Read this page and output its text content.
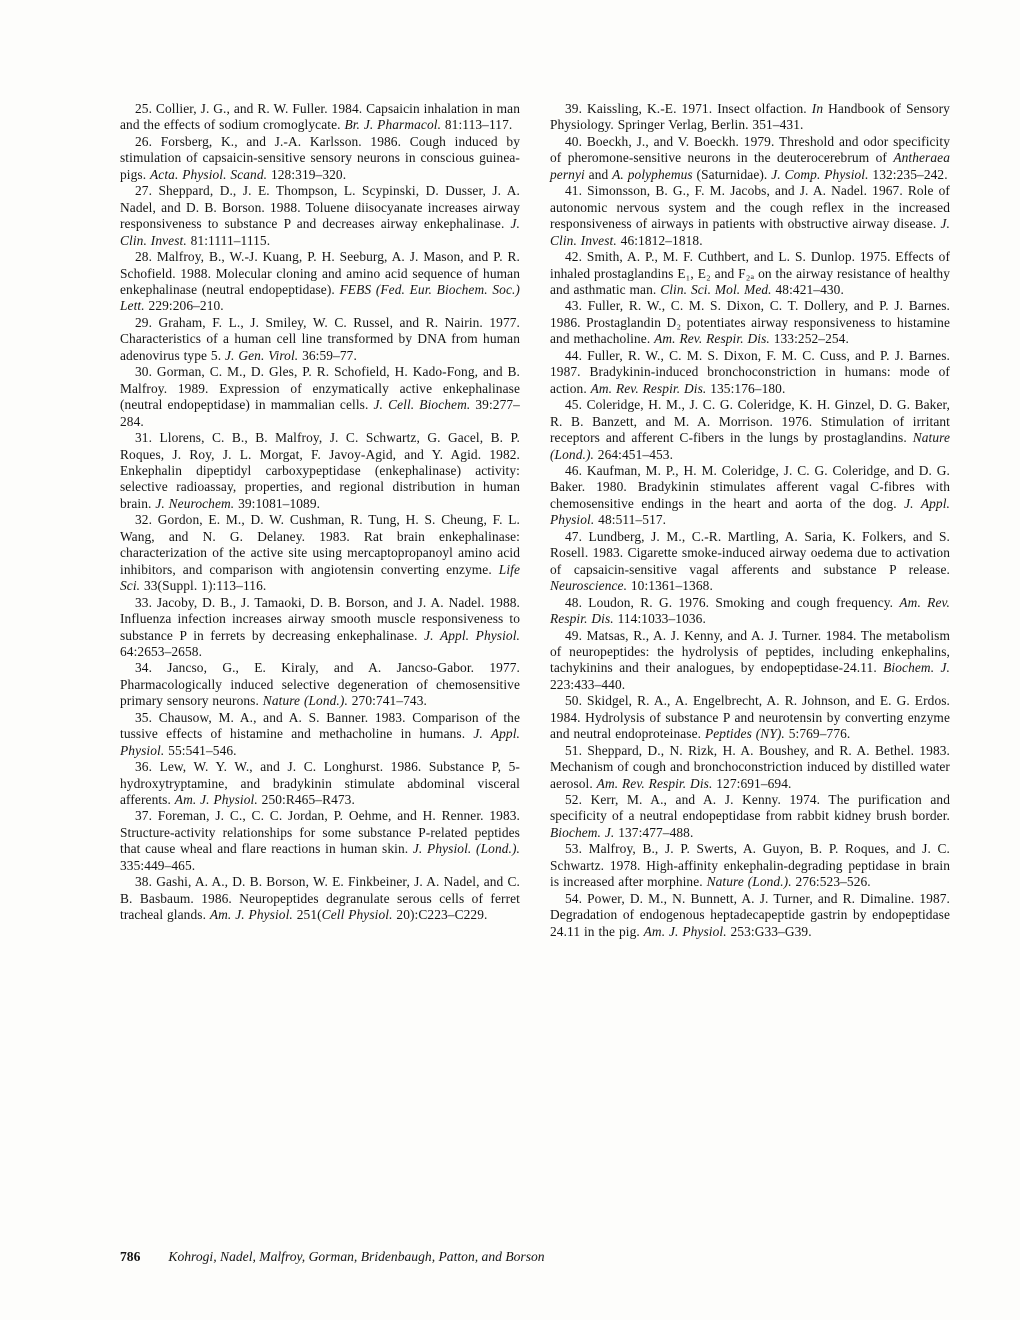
25. Collier, J. G., and R. W. Fuller. 1984. Capsaicin inhalation in man and the effects of sodium cromoglycate. Br. J. Pharmacol. 81:113–117.

26. Forsberg, K., and J.-A. Karlsson. 1986. Cough induced by stimulation of capsaicin-sensitive sensory neurons in conscious guinea-pigs. Acta. Physiol. Scand. 128:319–320.

27. Sheppard, D., J. E. Thompson, L. Scypinski, D. Dusser, J. A. Nadel, and D. B. Borson. 1988. Toluene diisocyanate increases airway responsiveness to substance P and decreases airway enkephalinase. J. Clin. Invest. 81:1111–1115.

28. Malfroy, B., W.-J. Kuang, P. H. Seeburg, A. J. Mason, and P. R. Schofield. 1988. Molecular cloning and amino acid sequence of human enkephalinase (neutral endopeptidase). FEBS (Fed. Eur. Biochem. Soc.) Lett. 229:206–210.

29. Graham, F. L., J. Smiley, W. C. Russel, and R. Nairin. 1977. Characteristics of a human cell line transformed by DNA from human adenovirus type 5. J. Gen. Virol. 36:59–77.

30. Gorman, C. M., D. Gles, P. R. Schofield, H. Kado-Fong, and B. Malfroy. 1989. Expression of enzymatically active enkephalinase (neutral endopeptidase) in mammalian cells. J. Cell. Biochem. 39:277–284.

31. Llorens, C. B., B. Malfroy, J. C. Schwartz, G. Gacel, B. P. Roques, J. Roy, J. L. Morgat, F. Javoy-Agid, and Y. Agid. 1982. Enkephalin dipeptidyl carboxypeptidase (enkephalinase) activity: selective radioassay, properties, and regional distribution in human brain. J. Neurochem. 39:1081–1089.

32. Gordon, E. M., D. W. Cushman, R. Tung, H. S. Cheung, F. L. Wang, and N. G. Delaney. 1983. Rat brain enkephalinase: characterization of the active site using mercaptopropanoyl amino acid inhibitors, and comparison with angiotensin converting enzyme. Life Sci. 33(Suppl. 1):113–116.

33. Jacoby, D. B., J. Tamaoki, D. B. Borson, and J. A. Nadel. 1988. Influenza infection increases airway smooth muscle responsiveness to substance P in ferrets by decreasing enkephalinase. J. Appl. Physiol. 64:2653–2658.

34. Jancso, G., E. Kiraly, and A. Jancso-Gabor. 1977. Pharmacologically induced selective degeneration of chemosensitive primary sensory neurons. Nature (Lond.). 270:741–743.

35. Chausow, M. A., and A. S. Banner. 1983. Comparison of the tussive effects of histamine and methacholine in humans. J. Appl. Physiol. 55:541–546.

36. Lew, W. Y. W., and J. C. Longhurst. 1986. Substance P, 5-hydroxytryptamine, and bradykinin stimulate abdominal visceral afferents. Am. J. Physiol. 250:R465–R473.

37. Foreman, J. C., C. C. Jordan, P. Oehme, and H. Renner. 1983. Structure-activity relationships for some substance P-related peptides that cause wheal and flare reactions in human skin. J. Physiol. (Lond.). 335:449–465.

38. Gashi, A. A., D. B. Borson, W. E. Finkbeiner, J. A. Nadel, and C. B. Basbaum. 1986. Neuropeptides degranulate serous cells of ferret tracheal glands. Am. J. Physiol. 251(Cell Physiol. 20):C223–C229.

39. Kaissling, K.-E. 1971. Insect olfaction. In Handbook of Sensory Physiology. Springer Verlag, Berlin. 351–431.

40. Boeckh, J., and V. Boeckh. 1979. Threshold and odor specificity of pheromone-sensitive neurons in the deuterocerebrum of Antheraea pernyi and A. polyphemus (Saturnidae). J. Comp. Physiol. 132:235–242.

41. Simonsson, B. G., F. M. Jacobs, and J. A. Nadel. 1967. Role of autonomic nervous system and the cough reflex in the increased responsiveness of airways in patients with obstructive airway disease. J. Clin. Invest. 46:1812–1818.

42. Smith, A. P., M. F. Cuthbert, and L. S. Dunlop. 1975. Effects of inhaled prostaglandins E₁, E₂ and F₂ₐ on the airway resistance of healthy and asthmatic man. Clin. Sci. Mol. Med. 48:421–430.

43. Fuller, R. W., C. M. S. Dixon, C. T. Dollery, and P. J. Barnes. 1986. Prostaglandin D₂ potentiates airway responsiveness to histamine and methacholine. Am. Rev. Respir. Dis. 133:252–254.

44. Fuller, R. W., C. M. S. Dixon, F. M. C. Cuss, and P. J. Barnes. 1987. Bradykinin-induced bronchoconstriction in humans: mode of action. Am. Rev. Respir. Dis. 135:176–180.

45. Coleridge, H. M., J. C. G. Coleridge, K. H. Ginzel, D. G. Baker, R. B. Banzett, and M. A. Morrison. 1976. Stimulation of irritant receptors and afferent C-fibers in the lungs by prostaglandins. Nature (Lond.). 264:451–453.

46. Kaufman, M. P., H. M. Coleridge, J. C. G. Coleridge, and D. G. Baker. 1980. Bradykinin stimulates afferent vagal C-fibres with chemosensitive endings in the heart and aorta of the dog. J. Appl. Physiol. 48:511–517.

47. Lundberg, J. M., C.-R. Martling, A. Saria, K. Folkers, and S. Rosell. 1983. Cigarette smoke-induced airway oedema due to activation of capsaicin-sensitive vagal afferents and substance P release. Neuroscience. 10:1361–1368.

48. Loudon, R. G. 1976. Smoking and cough frequency. Am. Rev. Respir. Dis. 114:1033–1036.

49. Matsas, R., A. J. Kenny, and A. J. Turner. 1984. The metabolism of neuropeptides: the hydrolysis of peptides, including enkephalins, tachykinins and their analogues, by endopeptidase-24.11. Biochem. J. 223:433–440.

50. Skidgel, R. A., A. Engelbrecht, A. R. Johnson, and E. G. Erdos. 1984. Hydrolysis of substance P and neurotensin by converting enzyme and neutral endoproteinase. Peptides (NY). 5:769–776.

51. Sheppard, D., N. Rizk, H. A. Boushey, and R. A. Bethel. 1983. Mechanism of cough and bronchoconstriction induced by distilled water aerosol. Am. Rev. Respir. Dis. 127:691–694.

52. Kerr, M. A., and A. J. Kenny. 1974. The purification and specificity of a neutral endopeptidase from rabbit kidney brush border. Biochem. J. 137:477–488.

53. Malfroy, B., J. P. Swerts, A. Guyon, B. P. Roques, and J. C. Schwartz. 1978. High-affinity enkephalin-degrading peptidase in brain is increased after morphine. Nature (Lond.). 276:523–526.

54. Power, D. M., N. Bunnett, A. J. Turner, and R. Dimaline. 1987. Degradation of endogenous heptadecapeptide gastrin by endopeptidase 24.11 in the pig. Am. J. Physiol. 253:G33–G39.

786 Kohrogi, Nadel, Malfroy, Gorman, Bridenbaugh, Patton, and Borson
